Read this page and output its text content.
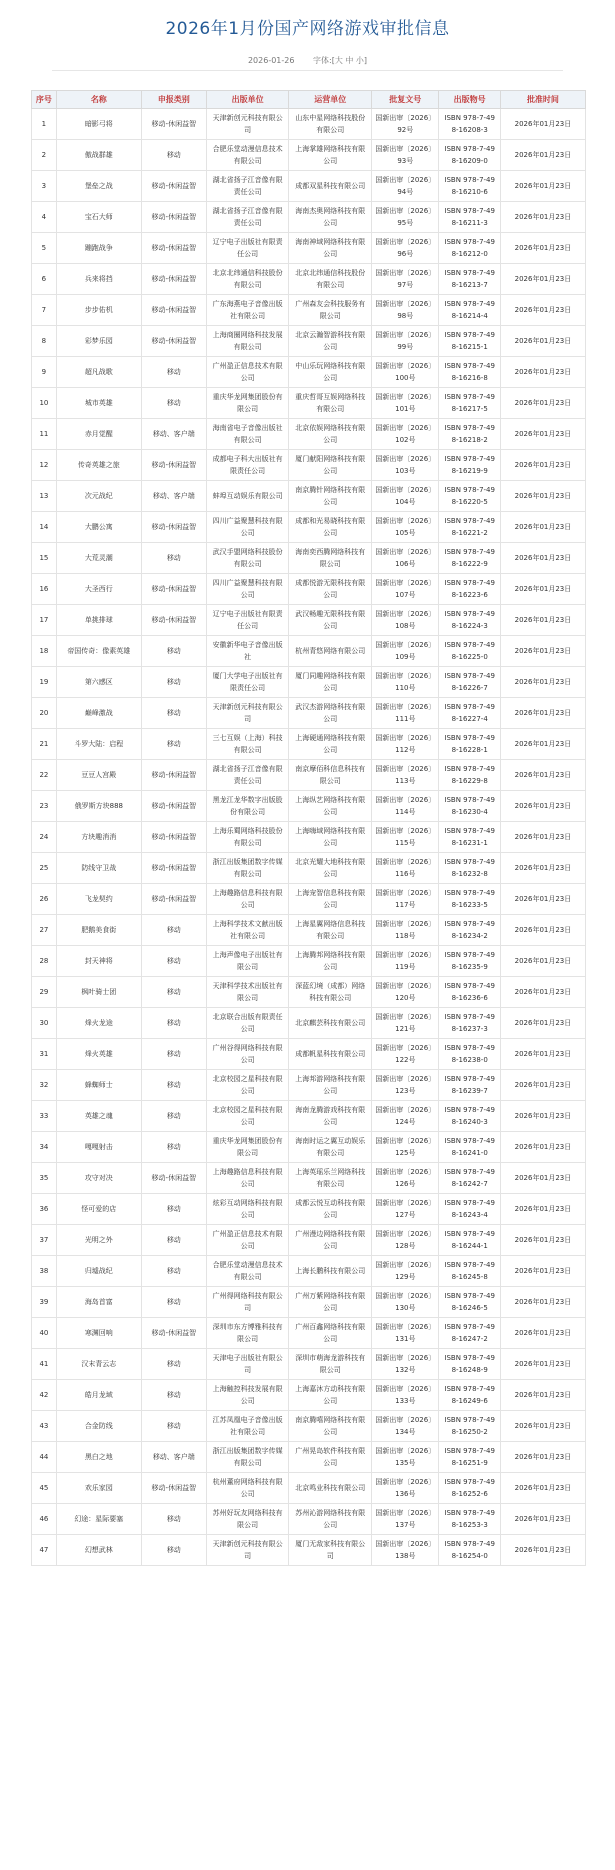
2026年1月份国产网络游戏审批信息
2026-01-26 字体:[大 中 小]
序号	名称	申报类别	出版单位	运营单位	批复文号	出版物号	批准时间
1	暗影弓将	移动-休闲益智	天津新创元科技有限公司	山东中星网络科技股份有限公司	国新出审〔2026〕92号	ISBN 978-7-498-16208-3	2026年01月23日
2	傲战群雄	移动	合肥乐堂动漫信息技术有限公司	上海掌雄网络科技有限公司	国新出审〔2026〕93号	ISBN 978-7-498-16209-0	2026年01月23日
3	堡垒之战	移动-休闲益智	湖北省扬子江音像有限责任公司	成都双星科技有限公司	国新出审〔2026〕94号	ISBN 978-7-498-16210-6	2026年01月23日
4	宝石大师	移动-休闲益智	湖北省扬子江音像有限责任公司	海南杰奥网络科技有限公司	国新出审〔2026〕95号	ISBN 978-7-498-16211-3	2026年01月23日
5	蹦跑战争	移动-休闲益智	辽宁电子出版社有限责任公司	海南神域网络科技有限公司	国新出审〔2026〕96号	ISBN 978-7-498-16212-0	2026年01月23日
6	兵来将挡	移动-休闲益智	北京北纬通信科技股份有限公司	北京北纬通信科技股份有限公司	国新出审〔2026〕97号	ISBN 978-7-498-16213-7	2026年01月23日
7	步步佑机	移动-休闲益智	广东海燕电子音像出版社有限公司	广州森友会科技服务有限公司	国新出审〔2026〕98号	ISBN 978-7-498-16214-4	2026年01月23日
8	彩梦乐园	移动-休闲益智	上海商圈网络科技发展有限公司	北京云瀚智游科技有限公司	国新出审〔2026〕99号	ISBN 978-7-498-16215-1	2026年01月23日
9	超凡战歌	移动	广州盈正信息技术有限公司	中山乐玩网络科技有限公司	国新出审〔2026〕100号	ISBN 978-7-498-16216-8	2026年01月23日
10	城市英雄	移动	重庆华龙网集团股份有限公司	重庆哲哥互娱网络科技有限公司	国新出审〔2026〕101号	ISBN 978-7-498-16217-5	2026年01月23日
11	赤月觉醒	移动、客户端	海南省电子音像出版社有限公司	北京依娱网络科技有限公司	国新出审〔2026〕102号	ISBN 978-7-498-16218-2	2026年01月23日
12	传奇英雄之旅	移动-休闲益智	成都电子科大出版社有限责任公司	厦门献阳网络科技有限公司	国新出审〔2026〕103号	ISBN 978-7-498-16219-9	2026年01月23日
13	次元战纪	移动、客户端	蚌埠互动娱乐有限公司	南京腾针网络科技有限公司	国新出审〔2026〕104号	ISBN 978-7-498-16220-5	2026年01月23日
14	大鹏公寓	移动-休闲益智	四川广益聚慧科技有限公司	成都和光易晓科技有限公司	国新出审〔2026〕105号	ISBN 978-7-498-16221-2	2026年01月23日
15	大荒灵潮	移动	武汉手盟网络科技股份有限公司	海南奕西腾网络科技有限公司	国新出审〔2026〕106号	ISBN 978-7-498-16222-9	2026年01月23日
16	大圣西行	移动-休闲益智	四川广益聚慧科技有限公司	成都悦游无限科技有限公司	国新出审〔2026〕107号	ISBN 978-7-498-16223-6	2026年01月23日
17	单挑排球	移动-休闲益智	辽宁电子出版社有限责任公司	武汉畅趣无限科技有限公司	国新出审〔2026〕108号	ISBN 978-7-498-16224-3	2026年01月23日
18	帝国传奇：像素英雄	移动	安徽新华电子音像出版社	杭州青悠网络有限公司	国新出审〔2026〕109号	ISBN 978-7-498-16225-0	2026年01月23日
19	第六感区	移动	厦门大学电子出版社有限责任公司	厦门同趣网络科技有限公司	国新出审〔2026〕110号	ISBN 978-7-498-16226-7	2026年01月23日
20	巅峰激战	移动	天津新创元科技有限公司	武汉杰游网络科技有限公司	国新出审〔2026〕111号	ISBN 978-7-498-16227-4	2026年01月23日
21	斗罗大陆：启程	移动	三七互娱（上海）科技有限公司	上海硬通网络科技有限公司	国新出审〔2026〕112号	ISBN 978-7-498-16228-1	2026年01月23日
22	豆豆人宫殿	移动-休闲益智	湖北省扬子江音像有限责任公司	南京摩佰科信息科技有限公司	国新出审〔2026〕113号	ISBN 978-7-498-16229-8	2026年01月23日
23	俄罗斯方块888	移动-休闲益智	黑龙江龙华数字出版股份有限公司	上海纵艺网络科技有限公司	国新出审〔2026〕114号	ISBN 978-7-498-16230-4	2026年01月23日
24	方块趣消消	移动-休闲益智	上海乐蜀网络科技股份有限公司	上海嗨域网络科技有限公司	国新出审〔2026〕115号	ISBN 978-7-498-16231-1	2026年01月23日
25	防线守卫战	移动-休闲益智	浙江出版集团数字传媒有限公司	北京光耀大地科技有限公司	国新出审〔2026〕116号	ISBN 978-7-498-16232-8	2026年01月23日
26	飞龙契约	移动-休闲益智	上海趣路信息科技有限公司	上海宠智信息科技有限公司	国新出审〔2026〕117号	ISBN 978-7-498-16233-5	2026年01月23日
27	肥鹅美食街	移动	上海科学技术文献出版社有限公司	上海星翼网络信息科技有限公司	国新出审〔2026〕118号	ISBN 978-7-498-16234-2	2026年01月23日
28	封天神将	移动	上海声像电子出版社有限公司	上海腾邦网络科技有限公司	国新出审〔2026〕119号	ISBN 978-7-498-16235-9	2026年01月23日
29	枫叶骑士团	移动	天津科学技术出版社有限公司	深蓝幻境（成都）网络科技有限公司	国新出审〔2026〕120号	ISBN 978-7-498-16236-6	2026年01月23日
30	烽火龙途	移动	北京联合出版有限责任公司	北京麒芸科技有限公司	国新出审〔2026〕121号	ISBN 978-7-498-16237-3	2026年01月23日
31	烽火英雄	移动	广州谷得网络科技有限公司	成都帆星科技有限公司	国新出审〔2026〕122号	ISBN 978-7-498-16238-0	2026年01月23日
32	蜂蜘师士	移动	北京校园之星科技有限公司	上海邦游网络科技有限公司	国新出审〔2026〕123号	ISBN 978-7-498-16239-7	2026年01月23日
33	英雄之魂	移动	北京校园之星科技有限公司	海南龙腾游戏科技有限公司	国新出审〔2026〕124号	ISBN 978-7-498-16240-3	2026年01月23日
34	嘎嘎射击	移动	重庆华龙网集团股份有限公司	海南时运之翼互动娱乐有限公司	国新出审〔2026〕125号	ISBN 978-7-498-16241-0	2026年01月23日
35	攻守对决	移动-休闲益智	上海趣路信息科技有限公司	上海英瑶乐兰网络科技有限公司	国新出审〔2026〕126号	ISBN 978-7-498-16242-7	2026年01月23日
36	怪可爱的店	移动	炫彩互动网络科技有限公司	成都云悦互动科技有限公司	国新出审〔2026〕127号	ISBN 978-7-498-16243-4	2026年01月23日
37	光明之外	移动	广州盈正信息技术有限公司	广州漫边网络科技有限公司	国新出审〔2026〕128号	ISBN 978-7-498-16244-1	2026年01月23日
38	归墟战纪	移动	合肥乐堂动漫信息技术有限公司	上海长鹏科技有限公司	国新出审〔2026〕129号	ISBN 978-7-498-16245-8	2026年01月23日
39	海岛首富	移动	广州得网络科技有限公司	广州万紫网络科技有限公司	国新出审〔2026〕130号	ISBN 978-7-498-16246-5	2026年01月23日
40	寒渊回响	移动-休闲益智	深圳市东方博雅科技有限公司	广州百鑫网络科技有限公司	国新出审〔2026〕131号	ISBN 978-7-498-16247-2	2026年01月23日
41	汉末青云志	移动	天津电子出版社有限公司	深圳市萌海龙游科技有限公司	国新出审〔2026〕132号	ISBN 978-7-498-16248-9	2026年01月23日
42	皓月龙域	移动	上海触控科技发展有限公司	上海嘉沐方动科技有限公司	国新出审〔2026〕133号	ISBN 978-7-498-16249-6	2026年01月23日
43	合金防线	移动	江苏凤凰电子音像出版社有限公司	南京腾嘻网络科技有限公司	国新出审〔2026〕134号	ISBN 978-7-498-16250-2	2026年01月23日
44	黑白之地	移动、客户端	浙江出版集团数字传媒有限公司	广州晃岛软件科技有限公司	国新出审〔2026〕135号	ISBN 978-7-498-16251-9	2026年01月23日
45	欢乐家园	移动-休闲益智	杭州董府网络科技有限公司	北京鸣业科技有限公司	国新出审〔2026〕136号	ISBN 978-7-498-16252-6	2026年01月23日
46	幻途：星际要塞	移动	苏州好玩友网络科技有限公司	苏州沁游网络科技有限公司	国新出审〔2026〕137号	ISBN 978-7-498-16253-3	2026年01月23日
47	幻想武林	移动	天津新创元科技有限公司	厦门无敌家科技有限公司	国新出审〔2026〕138号	ISBN 978-7-498-16254-0	2026年01月23日
